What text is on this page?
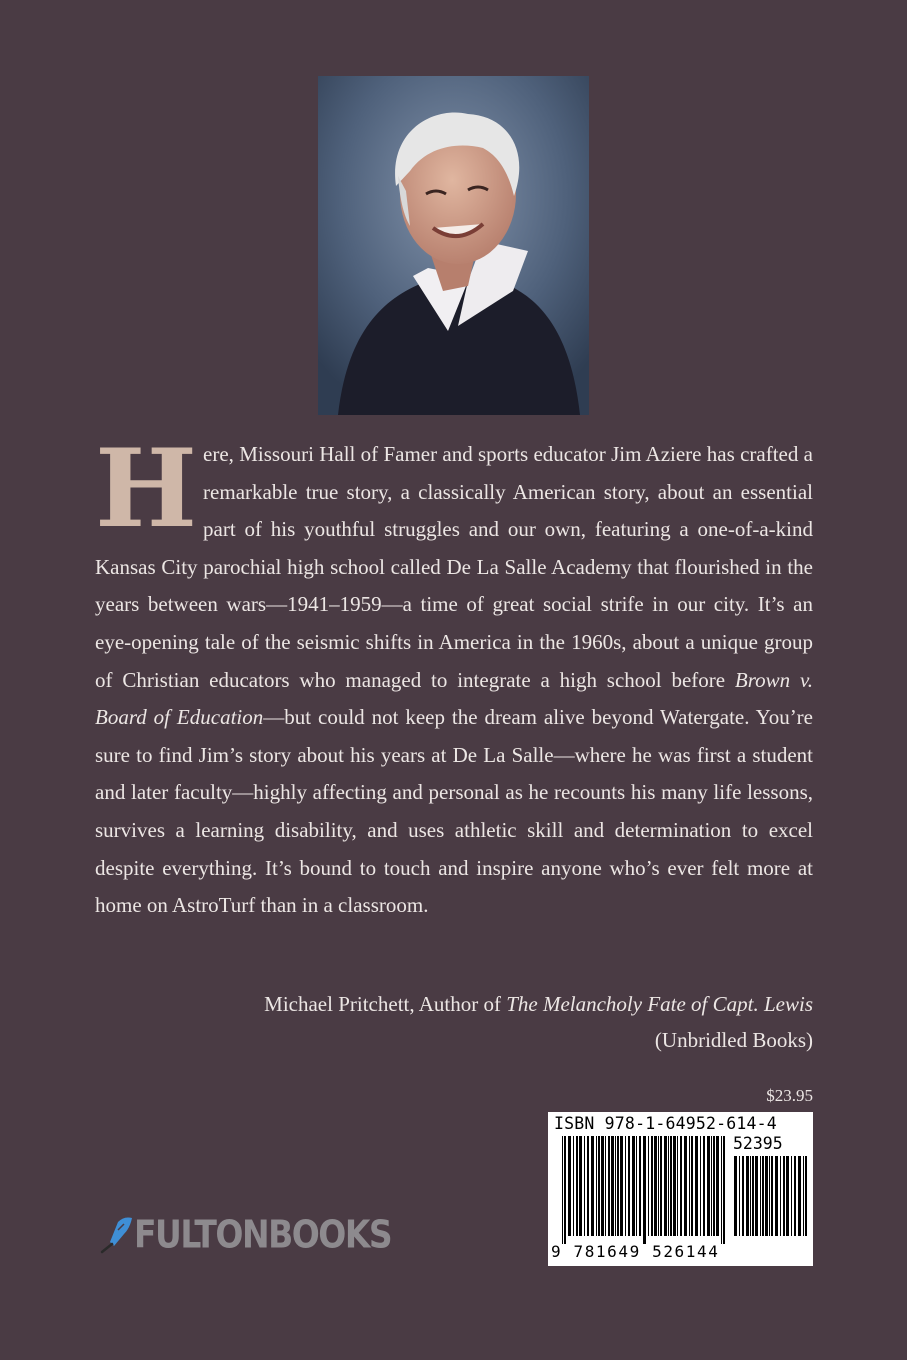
Here, Missouri Hall of Famer and sports educator Jim Aziere has crafted a remarkable true story, a classically American story, about an essential part of his youthful struggles and our own, featuring a one-of-a-kind Kansas City parochial high school called De La Salle Academy that flourished in the years between wars—1941–1959—a time of great social strife in our city. It’s an eye-opening tale of the seismic shifts in America in the 1960s, about a unique group of Christian educators who managed to integrate a high school before Brown v. Board of Education—but could not keep the dream alive beyond Watergate. You’re sure to find Jim’s story about his years at De La Salle—where he was first a student and later faculty—highly affecting and personal as he recounts his many life lessons, survives a learning disability, and uses athletic skill and determination to excel despite everything. It’s bound to touch and inspire anyone who’s ever felt more at home on AstroTurf than in a classroom.

Michael Pritchett, Author of The Melancholy Fate of Capt. Lewis
(Unbridled Books)
$23.95
ISBN 978-1-64952-614-4
52395
9 781649 526144
FULTONBOOKS
